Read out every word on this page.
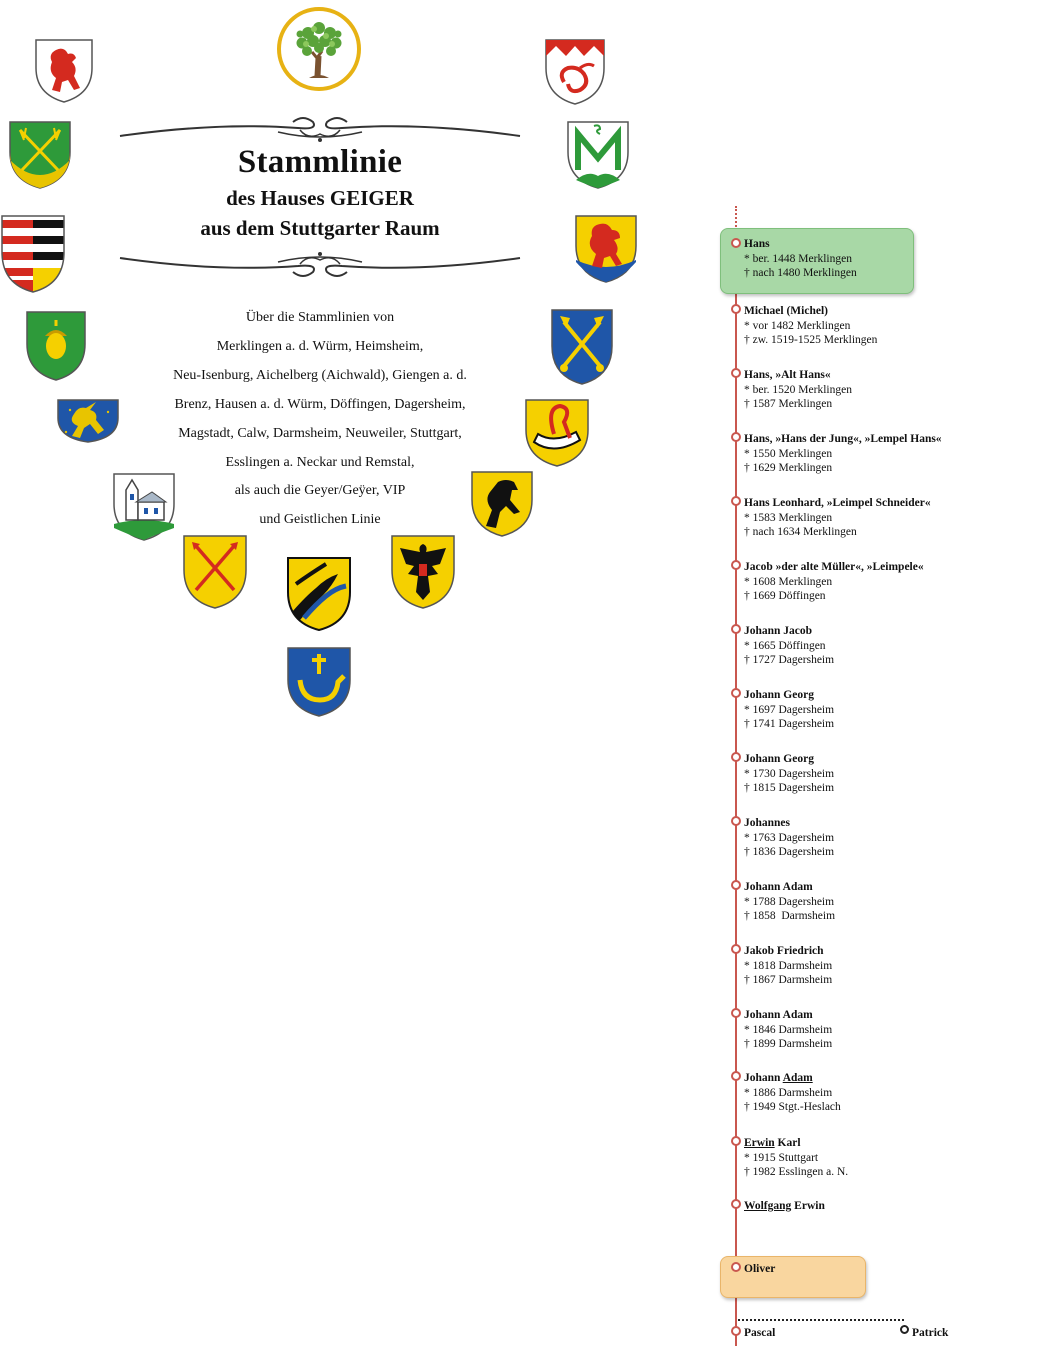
Stammlinie
des Hauses GEIGER
aus dem Stuttgarter Raum
Über die Stammlinien von
Merklingen a. d. Würm, Heimsheim,
Neu-Isenburg, Aichelberg (Aichwald), Giengen a. d.
Brenz, Hausen a. d. Würm, Döffingen, Dagersheim,
Magstadt, Calw, Darmsheim, Neuweiler, Stuttgart,
Esslingen a. Neckar und Remstal,
als auch die Geyer/Geÿer, VIP
und Geistlichen Linie
Hans
* ber. 1448 Merklingen
† nach 1480 Merklingen
Michael (Michel)
* vor 1482 Merklingen
† zw. 1519-1525 Merklingen
Hans, »Alt Hans«
* ber. 1520 Merklingen
† 1587 Merklingen
Hans, »Hans der Jung«, »Lempel Hans«
* 1550 Merklingen
† 1629 Merklingen
Hans Leonhard, »Leimpel Schneider«
* 1583 Merklingen
† nach 1634 Merklingen
Jacob »der alte Müller«, »Leimpele«
* 1608 Merklingen
† 1669 Döffingen
Johann Jacob
* 1665 Döffingen
† 1727 Dagersheim
Johann Georg
* 1697 Dagersheim
† 1741 Dagersheim
Johann Georg
* 1730 Dagersheim
† 1815 Dagersheim
Johannes
* 1763 Dagersheim
† 1836 Dagersheim
Johann Adam
* 1788 Dagersheim
† 1858  Darmsheim
Jakob Friedrich
* 1818 Darmsheim
† 1867 Darmsheim
Johann Adam
* 1846 Darmsheim
† 1899 Darmsheim
Johann Adam
* 1886 Darmsheim
† 1949 Stgt.-Heslach
Erwin Karl
* 1915 Stuttgart
† 1982 Esslingen a. N.
Wolfgang Erwin
Oliver
Pascal	Patrick
